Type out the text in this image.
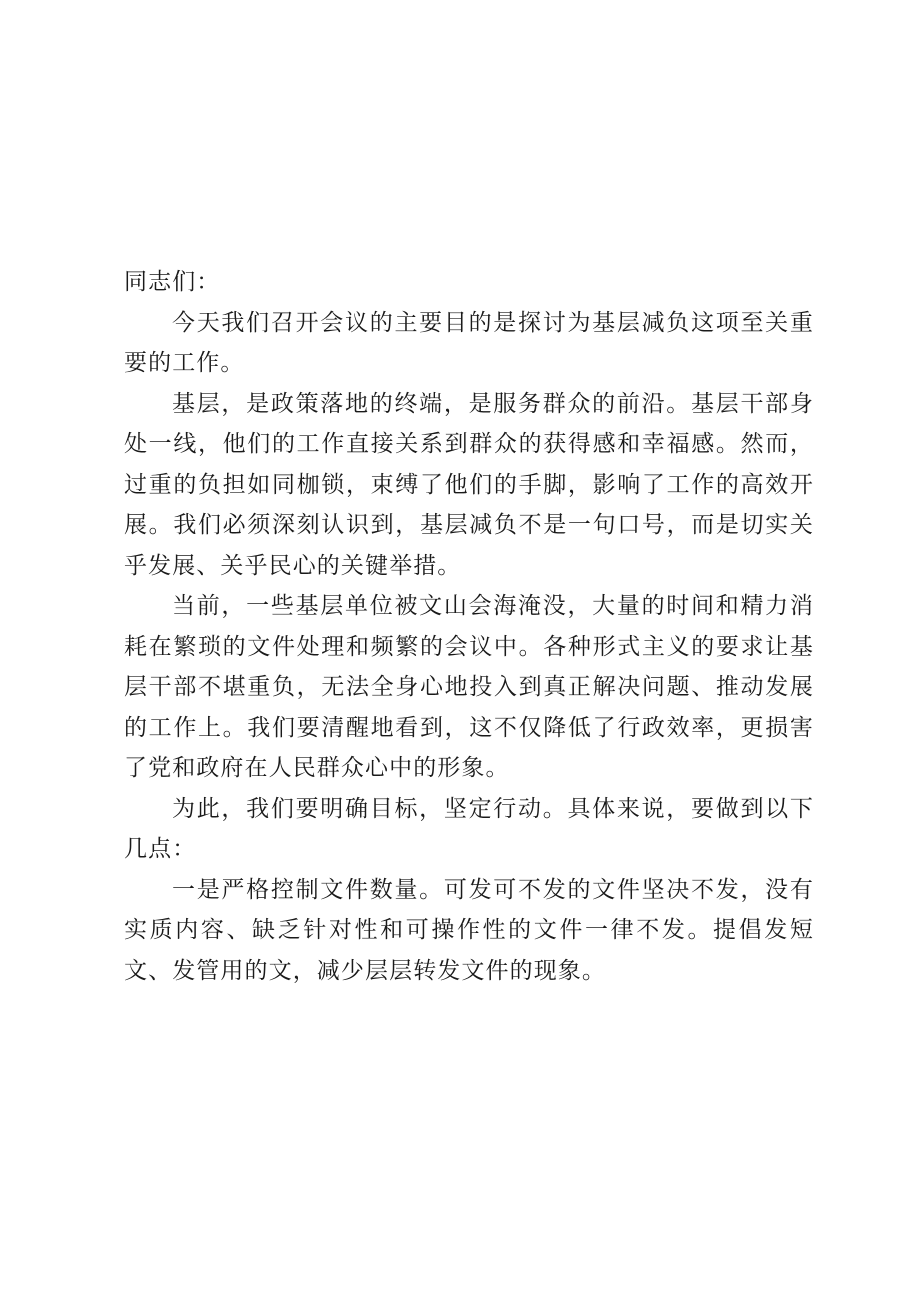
同志们：

今天我们召开会议的主要目的是探讨为基层减负这项至关重要的工作。

基层，是政策落地的终端，是服务群众的前沿。基层干部身处一线，他们的工作直接关系到群众的获得感和幸福感。然而，过重的负担如同枷锁，束缚了他们的手脚，影响了工作的高效开展。我们必须深刻认识到，基层减负不是一句口号，而是切实关乎发展、关乎民心的关键举措。

当前，一些基层单位被文山会海淹没，大量的时间和精力消耗在繁琐的文件处理和频繁的会议中。各种形式主义的要求让基层干部不堪重负，无法全身心地投入到真正解决问题、推动发展的工作上。我们要清醒地看到，这不仅降低了行政效率，更损害了党和政府在人民群众心中的形象。

为此，我们要明确目标，坚定行动。具体来说，要做到以下几点：

一是严格控制文件数量。可发可不发的文件坚决不发，没有实质内容、缺乏针对性和可操作性的文件一律不发。提倡发短文、发管用的文，减少层层转发文件的现象。
